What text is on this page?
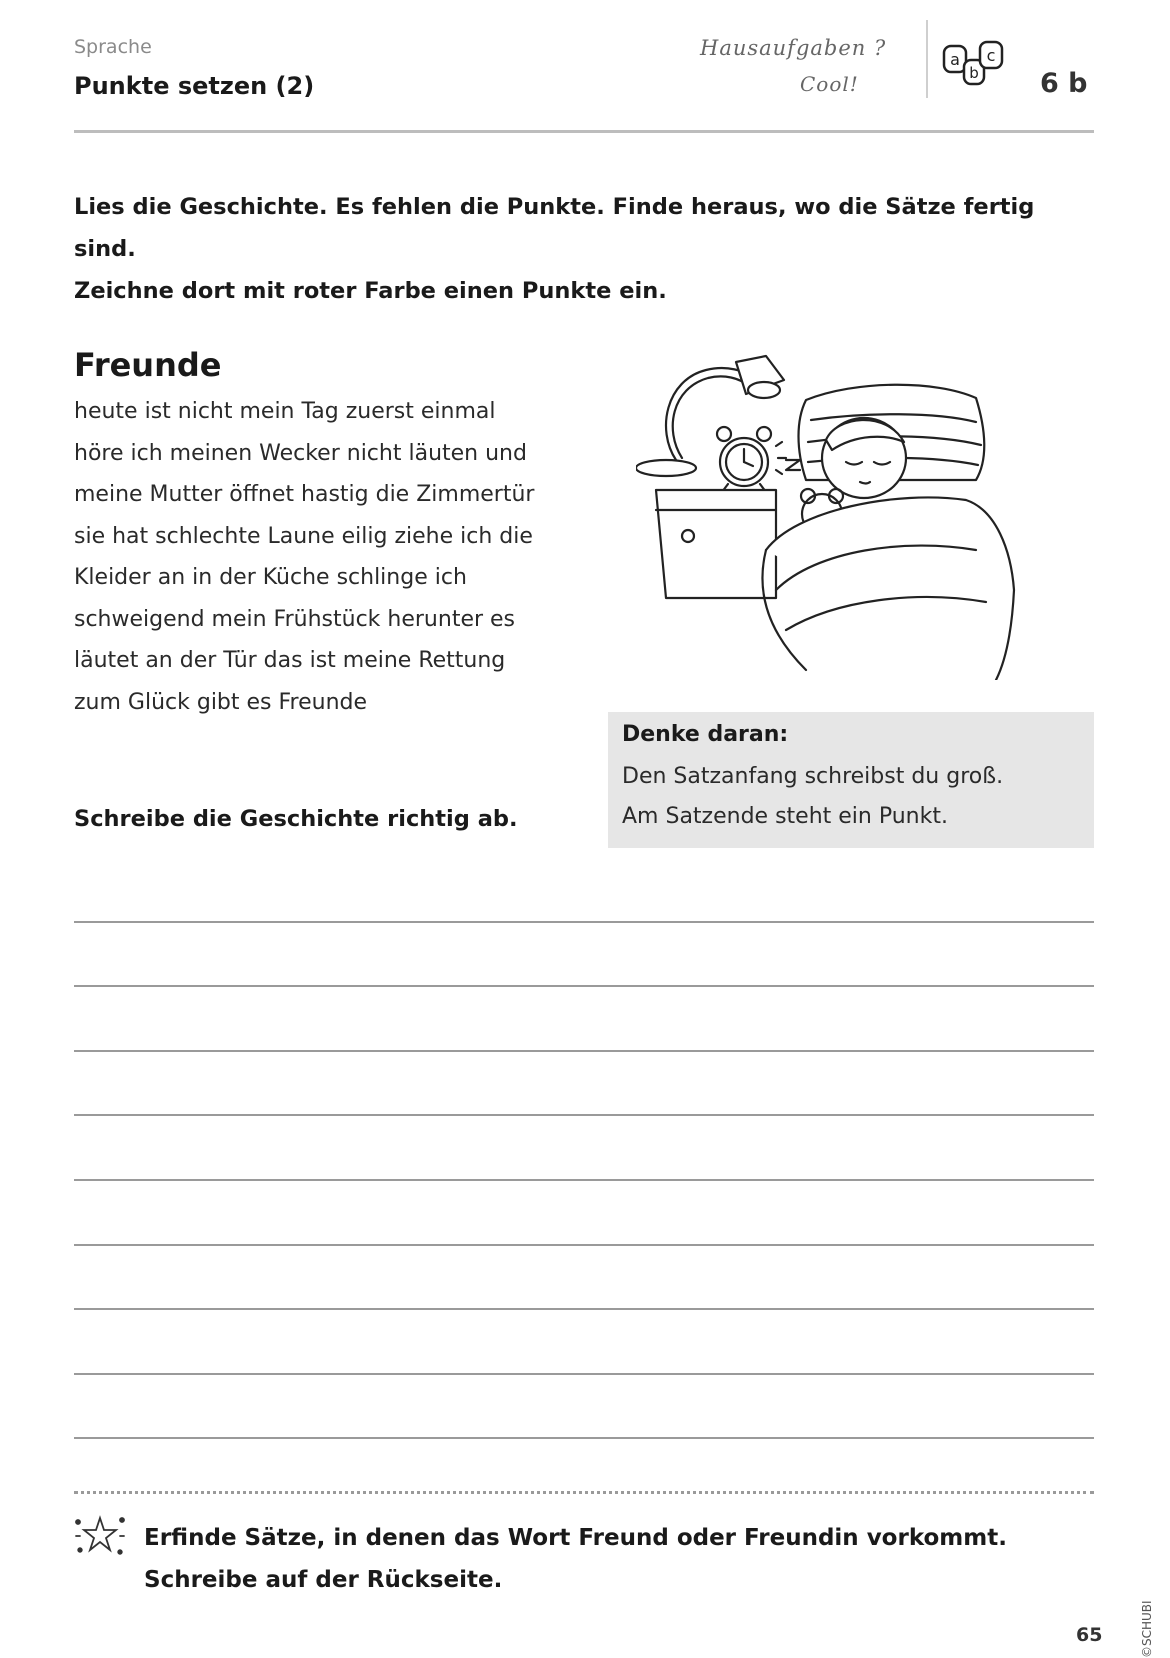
Sprache
Punkte setzen (2)
Hausaufgaben ?
Cool!
a
b
c
6 b
Lies die Geschichte. Es fehlen die Punkte. Finde heraus, wo die Sätze fertig sind.
Zeichne dort mit roter Farbe einen Punkte ein.
Freunde
heute ist nicht mein Tag zuerst einmal
höre ich meinen Wecker nicht läuten und
meine Mutter öffnet hastig die Zimmertür
sie hat schlechte Laune eilig ziehe ich die
Kleider an in der Küche schlinge ich
schweigend mein Frühstück herunter es
läutet an der Tür das ist meine Rettung
zum Glück gibt es Freunde
Denke daran:
Den Satzanfang schreibst du groß.
Am Satzende steht ein Punkt.
Schreibe die Geschichte richtig ab.
Erfinde Sätze, in denen das Wort Freund oder Freundin vorkommt.
Schreibe auf der Rückseite.
©SCHUBI
65
